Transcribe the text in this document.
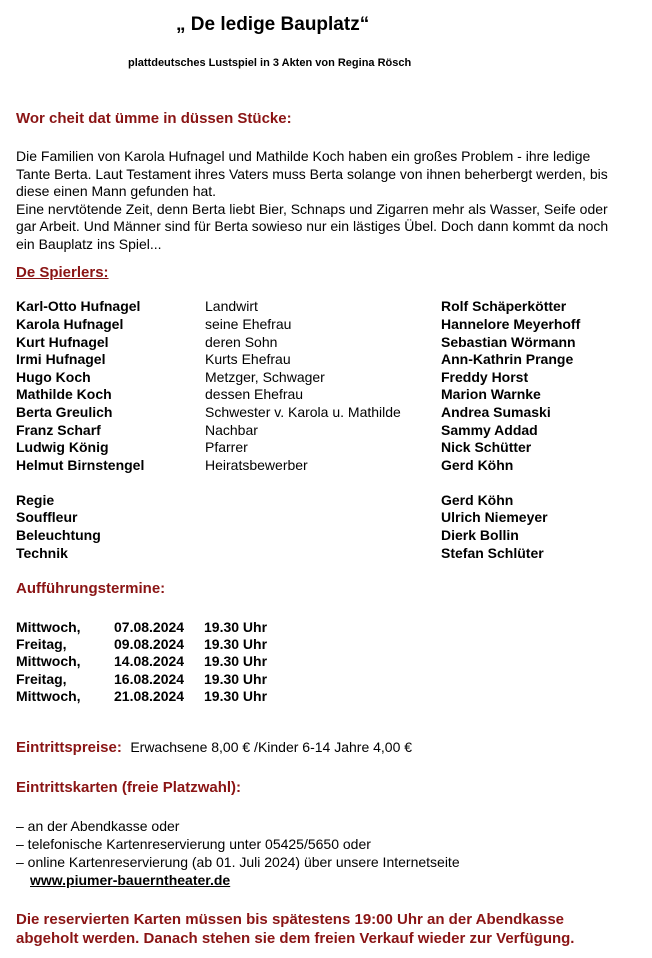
„ De ledige Bauplatz“
plattdeutsches Lustspiel in 3 Akten von Regina Rösch
Wor cheit dat ümme in düssen Stücke:

Die Familien von Karola Hufnagel und Mathilde Koch haben ein großes Problem - ihre ledige

Tante Berta. Laut Testament ihres Vaters muss Berta solange von ihnen beherbergt werden, bis

diese einen Mann gefunden hat.

Eine nervtötende Zeit, denn Berta liebt Bier, Schnaps und Zigarren mehr als Wasser, Seife oder

gar Arbeit. Und Männer sind für Berta sowieso nur ein lästiges Übel. Doch dann kommt da noch

ein Bauplatz ins Spiel...

De Spierlers:
Karl-Otto Hufnagel	Landwirt	Rolf Schäperkötter
Karola Hufnagel	seine Ehefrau	Hannelore Meyerhoff
Kurt Hufnagel	deren Sohn	Sebastian Wörmann
Irmi Hufnagel	Kurts Ehefrau	Ann-Kathrin Prange
Hugo Koch	Metzger, Schwager	Freddy Horst
Mathilde Koch	dessen Ehefrau	Marion Warnke
Berta Greulich	Schwester v. Karola u. Mathilde	Andrea Sumaski
Franz Scharf	Nachbar	Sammy Addad
Ludwig König	Pfarrer	Nick Schütter
Helmut Birnstengel	Heiratsbewerber	Gerd Köhn
Regie	Gerd Köhn
Souffleur	Ulrich Niemeyer
Beleuchtung	Dierk Bollin
Technik	Stefan Schlüter
Aufführungstermine:
Mittwoch, 07.08.2024 19.30 Uhr
Freitag,	09.08.2024 19.30 Uhr
Mittwoch, 14.08.2024 19.30 Uhr
Freitag,	16.08.2024 19.30 Uhr
Mittwoch, 21.08.2024 19.30 Uhr
Eintrittspreise: Erwachsene 8,00 € /Kinder 6-14 Jahre 4,00 €
Eintrittskarten (freie Platzwahl):
– an der Abendkasse oder
– telefonische Kartenreservierung unter 05425/5650 oder
– online Kartenreservierung (ab 01. Juli 2024) über unsere Internetseite
www.piumer-bauerntheater.de
Die reservierten Karten müssen bis spätestens 19:00 Uhr an der Abendkasse
abgeholt werden. Danach stehen sie dem freien Verkauf wieder zur Verfügung.
